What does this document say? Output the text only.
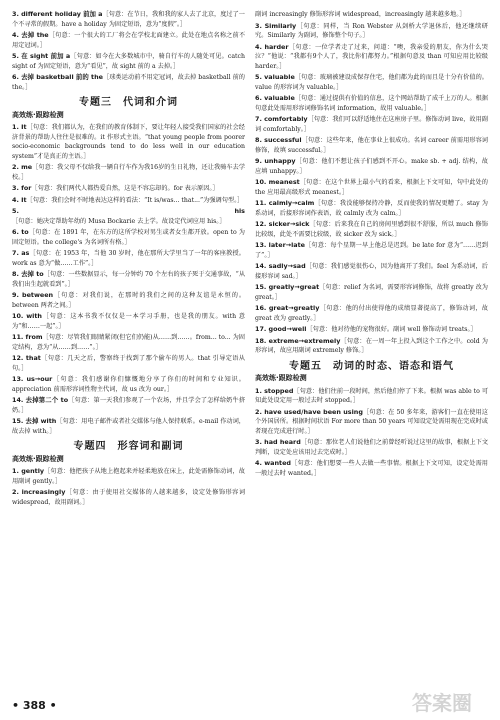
3. different holiday 前加 a［句意：在节日，我和我的家人去了北京，度过了一个不寻常的假期。have a holiday 为固定短语，意为“度假”。］
4. 去掉 the［句意：一个很大的工厂将会在学校北面建立。此处在地点名称之前不用定冠词。］
5. 在 sight 前加 a［句意：如今在大多数城市中，骑自行车的人随处可见。catch sight of 为固定短语，意为“看见”，故 sight 前的 a 去掉。］
6. 去掉 basketball 前的 the［球类运动前不用定冠词，故去掉 basketball 前的 the。］
专题三　代词和介词
高效练·跟踪检测
1. It［句意：我们都认为，在我们的教育体制下，要让年轻人接受我们国家的社会经济背景的帮助人往往是很难的。it 作形式主语。“that young people from poorer socio-economic backgrounds tend to do less well in our education system”才是真正的主语。］
2. me［句意：我父母不仅给我一辆自行车作为我16岁的生日礼物，还让我骑车去学校。］
3. for［句意：我们两代人都热爱自然，这是不容忘却的。for 表示原因。］
4. It［句意：我们会时不时地表达这样的看法：“It is/was... that...”为强调句型。］
5. his［句意：她决定帮助年幼的 Musa Bockarie 去上学。故设定代词应用 his。］
6. to［句意：在 1891 年，在东方的这所学校对男生或者女生都开放。open to 为固定短语。the college's 为名词所有格。］
7. as［句意：在 1953 年，当他 30 岁时，他在那所大学里当了一年的客座教授。work as 意为“做……工作”。］
8. 去掉 to［句意：一些数据显示，每一分钟约 70 个左右的孩子死于交通事故，“从我们出生起就看到”。］
9. between［句意：对我们说，在那时的我们之间的这种友谊是永恒的。between 两者之间。］
10. with［句意：这本书我不仅仅是一本学习手册，也是我的朋友。with 意为“和……一起”。］
11. from［句意：尽管我们眼睛紧闭(但它们仍能)从……到……。from... to... 为固定结构，意为“从……到……”。］
12. that［句意：几天之后，警察终于找到了那个偷车的男人。that 引导定语从句。］
13. us→our［句意：我们感谢你们慷慨地分享了你们的时间和专业知识。appreciation 前需形容词性物主代词，故 us 改为 our。］
14. 去掉第二个 to［句意：第一天我们参观了一个农场，并且学会了怎样给奶牛挤奶。］
15. 去掉 with［句意：用电子邮件或者社交媒体与他人保持联系。e-mail 作动词，故去掉 with。］
专题四　形容词和副词
高效练·跟踪检测
1. gently［句意：他把孩子从地上抱起来并轻柔地放在床上，此处需修饰动词，故用副词 gently。］
2. increasingly［句意：由于使用社交媒体的人越来越多，设定处修饰形容词 widespread，故用副词。］
副词 increasingly 修饰形容词 widespread，increasingly 越来越多地。］
3. Similarly［句意：同样，当 Ron Webster 从剑桥大学退休后，他还继续研究。Similarly 为副词，修饰整个句子。］
4. harder［句意：一位学者走了过来，问道：“噢，我亲爱的朋友，你为什么哭泣？”他说：“我都有9个人了，我比你们都努力。”根据句意及 than 可知应用比较级 harder。］
5. valuable［句意：玻璃被建设成保存住宅，他们都为此的而且是十分有价值的。value 的形容词为 valuable。］
6. valuable［句意：通过提供有价值的信息，这个网站帮助了成千上万的人。根据句意此处需用形容词修饰名词 information，故用 valuable。］
7. comfortably［句意：我们可以舒适地住在这座房子里。修饰动词 live，故用副词 comfortably。］
8. successful［句意：这些年来，他在事业上很成功。名词 career 前需用形容词修饰，故填 successful。］
9. unhappy［句意：他们不想让孩子们感到不开心。make sb. + adj. 结构，故应填 unhappy。］
10. meanest［句意：在这个世界上最小气的看来，根据上下文可知，句中此处的 the 应用最高级形式 meanest。］
11. calmly→calm［句意：我没能够保持冷静，反而使我的情况更糟了。stay 为系动词，后接形容词作表语，故 calmly 改为 calm。］
12. sicker→sick［句意：后来我在自己的房间里感到很不舒服，所以 much 修饰比较级，此处不需要比较级，故 sicker 改为 sick。］
13. later→late［句意：每个星期一早上他总是迟到。be late for 意为“……迟到了”。］
14. sadly→sad［句意：我们感觉很伤心，因为他离开了我们。feel 为系动词，后接形容词 sad。］
15. greatly→great［句意：relief 为名词，需要形容词修饰，故将 greatly 改为 great。］
16. great→greatly［句意：他的付出使得他的成绩显著提高了，修饰动词，故 great 改为 greatly。］
17. good→well［句意：他对待他的宠物很好。副词 well 修饰动词 treats。］
18. extreme→extremely［句意：在一周一年上投入到这个工作之中。cold 为形容词，故应用副词 extremely 修饰。］
专题五　动词的时态、语态和语气
高效练·跟踪检测
1. stopped［句意：他们往前一段时间，然后他们停了下来。根据 was able to 可知此处设定用一般过去时 stopped。］
2. have used/have been using［句意：在 50 多年来，游客们一直在使用这个外国居所。根据时间状语 For more than 50 years 可知设定处需用现在完成时或者现在完成进行时。］
3. had heard［句意：那位老人们说他们之前曾经听说过这里的故事，根据上下文判断，设定处应该用过去完成时。］
4. wanted［句意：他们想要一些人去做一些事情。根据上下文可知，设定处需用一般过去时 wanted。］
• 388 •	答案圈
